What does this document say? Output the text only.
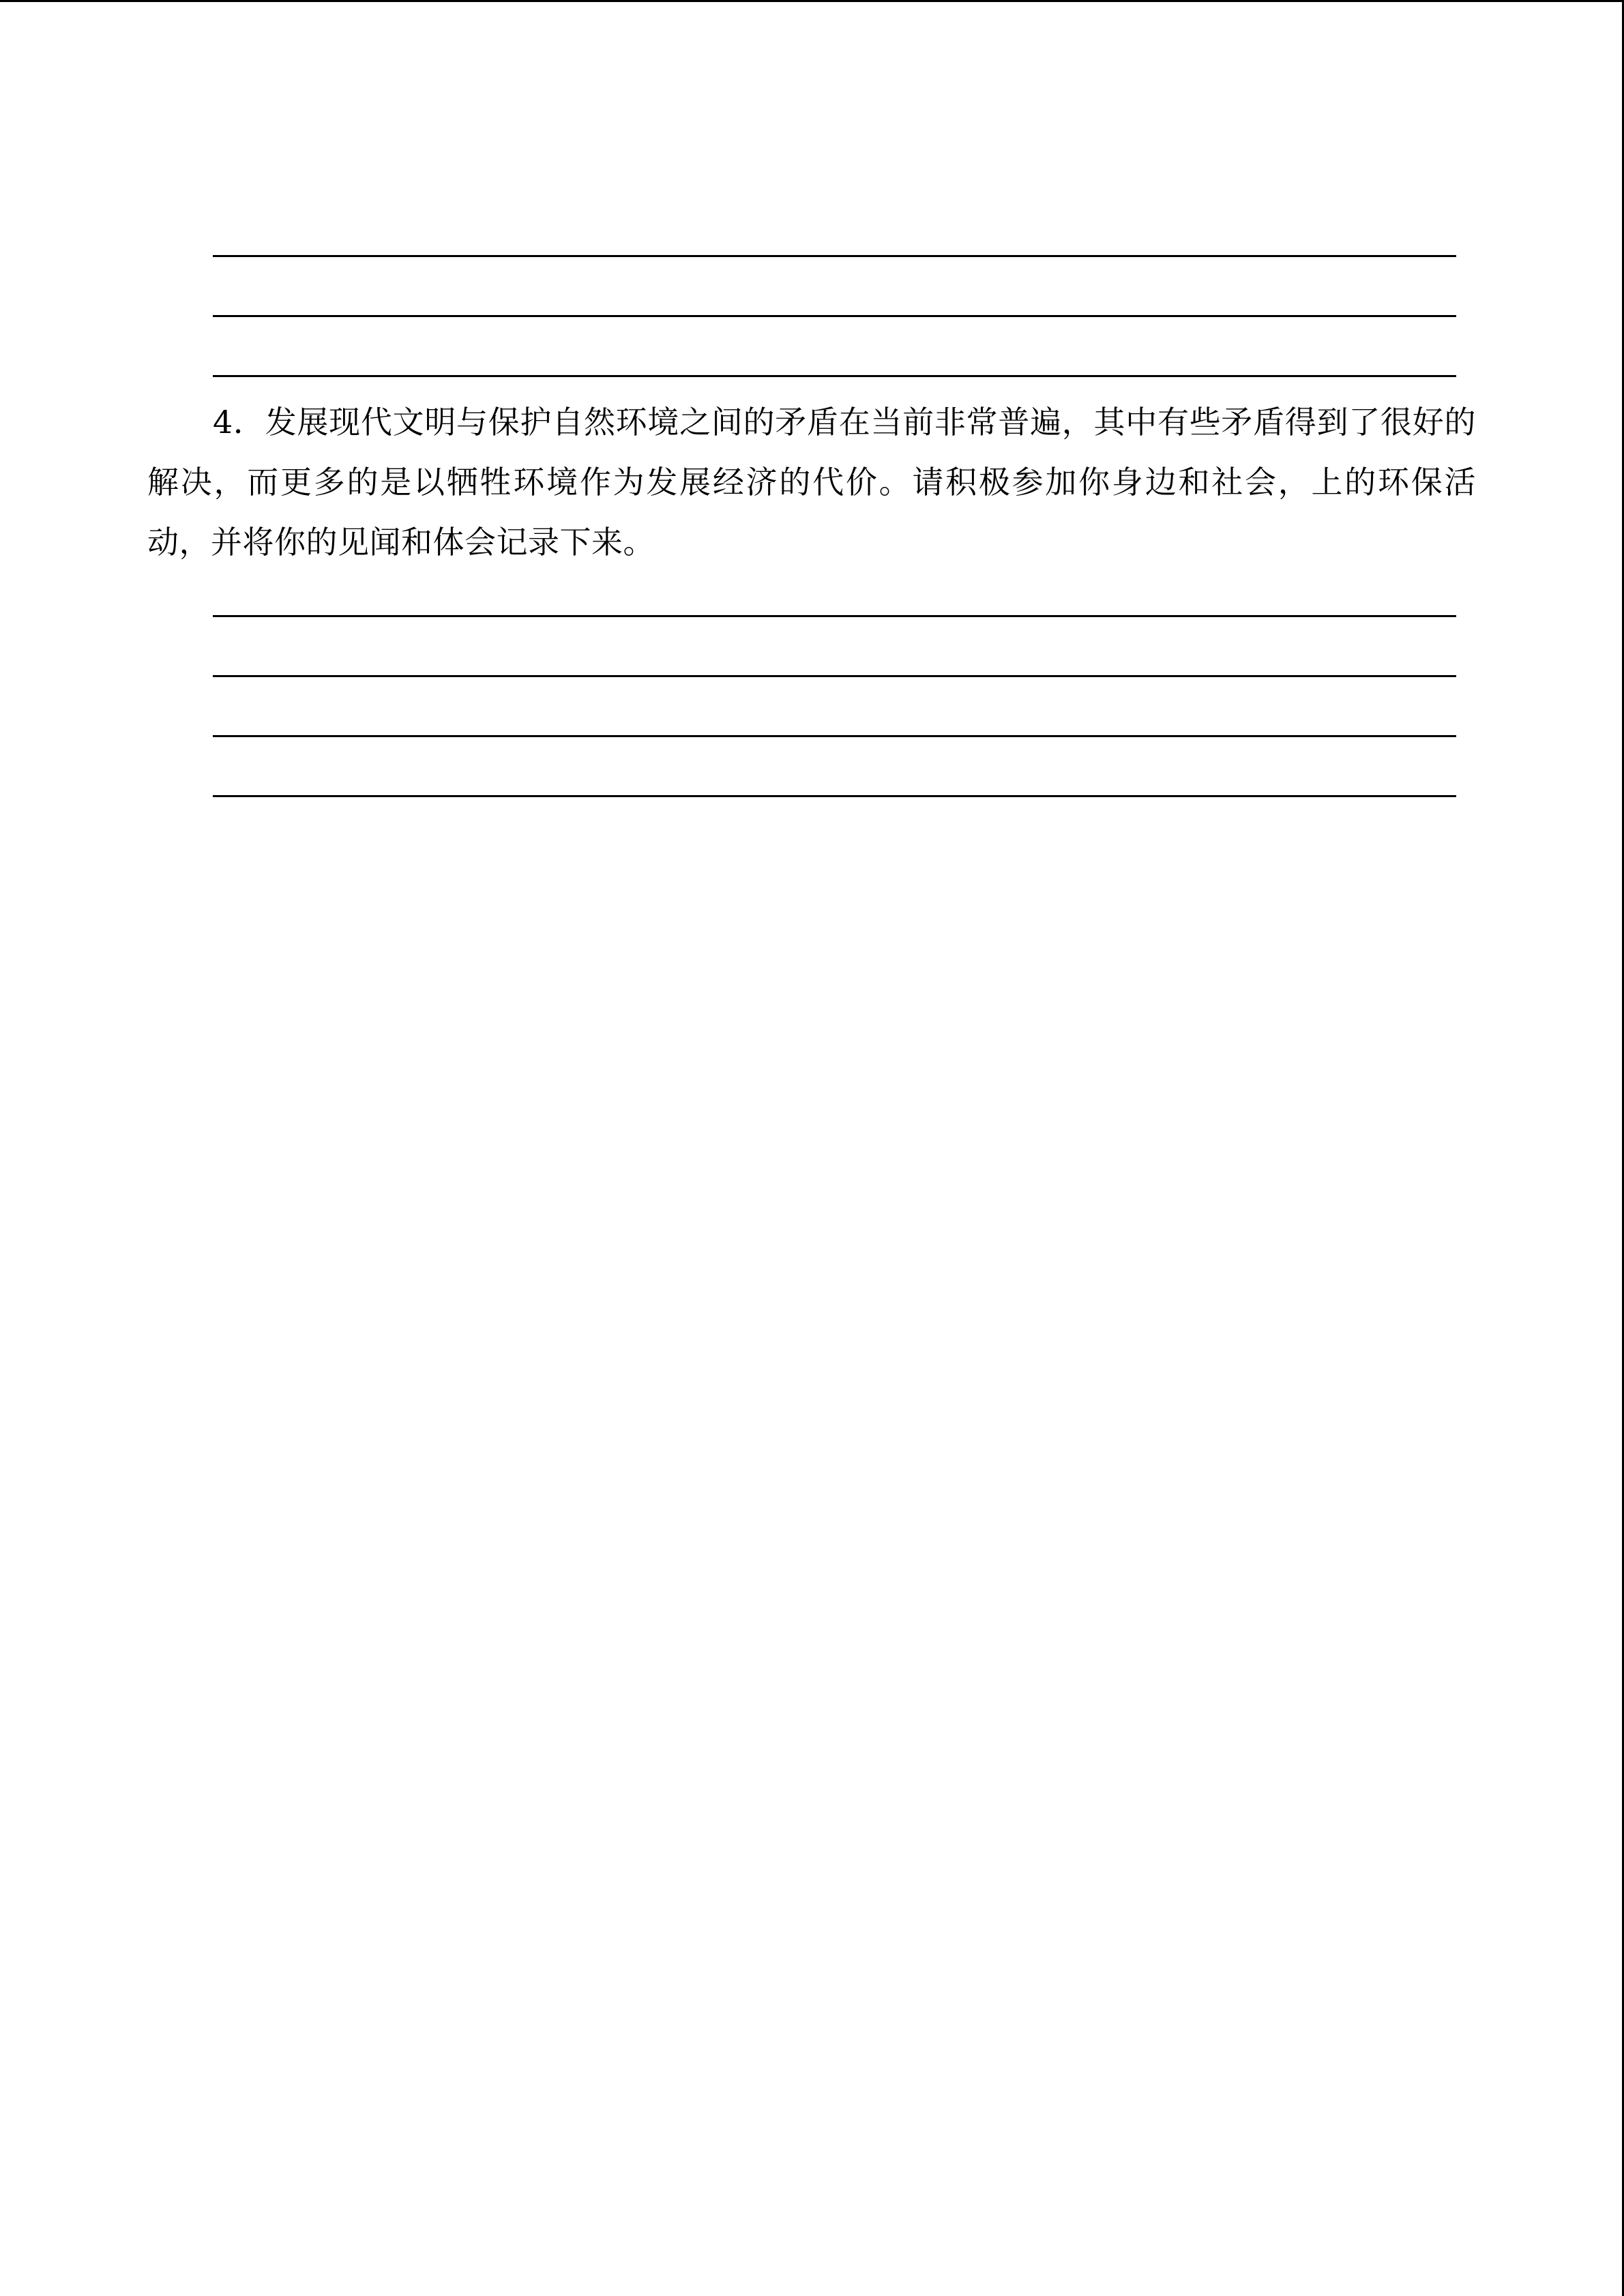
4．发展现代文明与保护自然环境之间的矛盾在当前非常普遍，其中有些矛盾得到了很好的解决，而更多的是以牺牲环境作为发展经济的代价。请积极参加你身边和社会，上的环保活动，并将你的见闻和体会记录下来。
